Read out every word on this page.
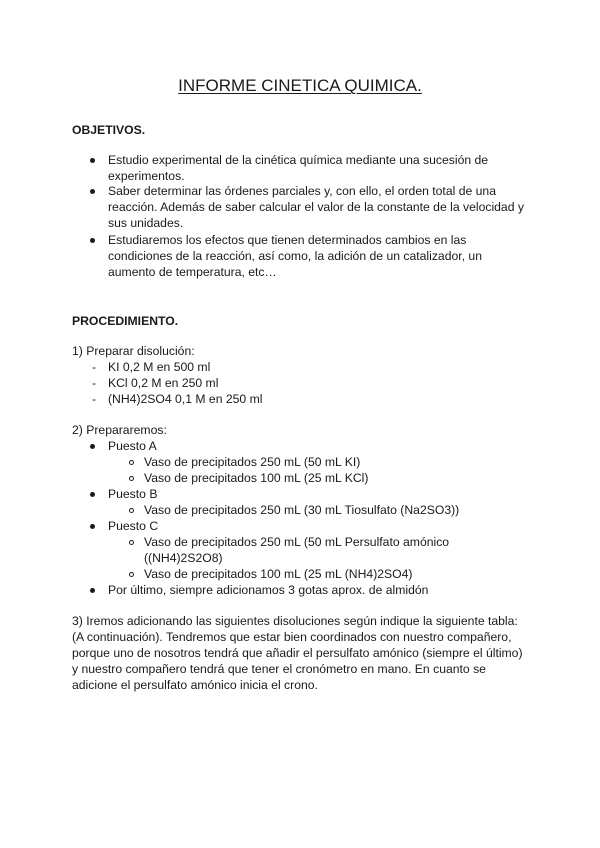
INFORME CINETICA QUIMICA.
OBJETIVOS.
Estudio experimental de la cinética química mediante una sucesión de
experimentos.
Saber determinar las órdenes parciales y, con ello, el orden total de una
reacción. Además de saber calcular el valor de la constante de la velocidad y
sus unidades.
Estudiaremos los efectos que tienen determinados cambios en las
condiciones de la reacción, así como, la adición de un catalizador, un
aumento de temperatura, etc…
PROCEDIMIENTO.
1) Preparar disolución:
- KI 0,2 M en 500 ml
- KCl 0,2 M en 250 ml
- (NH4)2SO4 0,1 M en 250 ml
2) Prepararemos:
Puesto A
Vaso de precipitados 250 mL (50 mL KI)
Vaso de precipitados 100 mL (25 mL KCl)
Puesto B
Vaso de precipitados 250 mL (30 mL Tiosulfato (Na2SO3))
Puesto C
Vaso de precipitados 250 mL (50 mL Persulfato amónico
((NH4)2S2O8)
Vaso de precipitados 100 mL (25 mL (NH4)2SO4)
Por último, siempre adicionamos 3 gotas aprox. de almidón
3) Iremos adicionando las siguientes disoluciones según indique la siguiente tabla:
(A continuación). Tendremos que estar bien coordinados con nuestro compañero,
porque uno de nosotros tendrá que añadir el persulfato amónico (siempre el último)
y nuestro compañero tendrá que tener el cronómetro en mano. En cuanto se
adicione el persulfato amónico inicia el crono.
